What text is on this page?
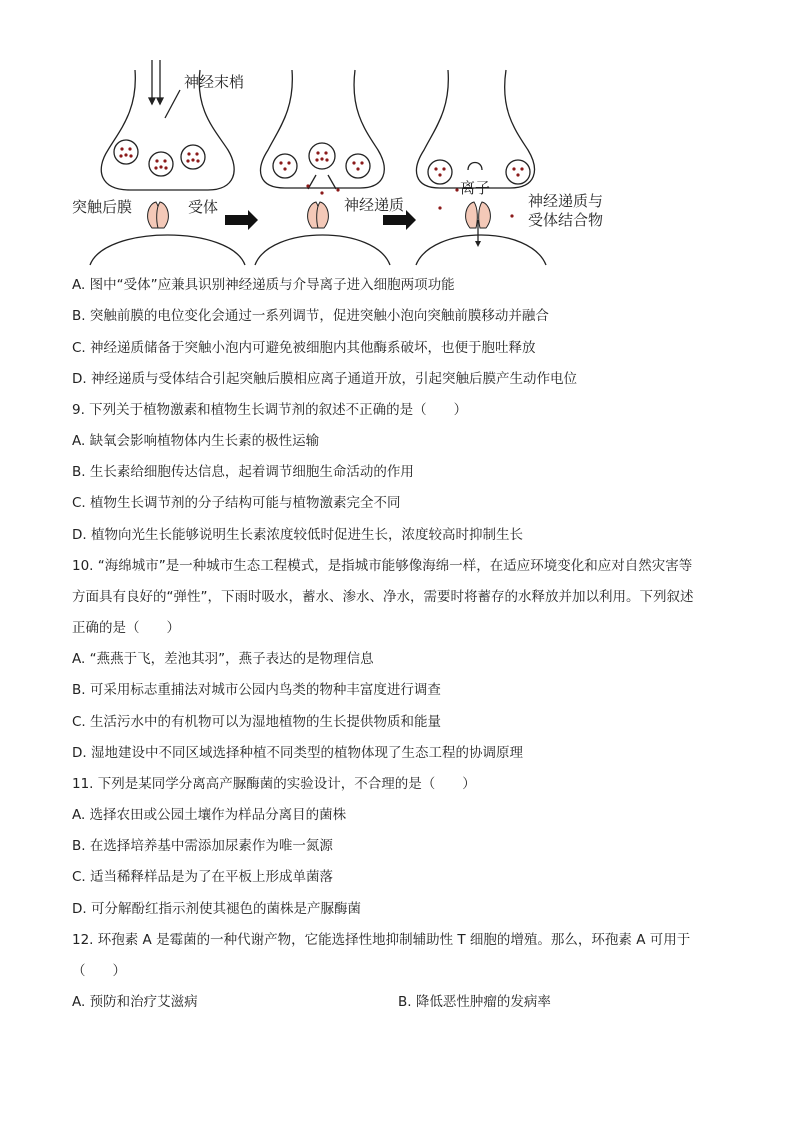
神经末梢
突触后膜	受体	神经递质
离子
神经递质与
受体结合物
A. 图中“受体”应兼具识别神经递质与介导离子进入细胞两项功能
B. 突触前膜的电位变化会通过一系列调节，促进突触小泡向突触前膜移动并融合
C. 神经递质储备于突触小泡内可避免被细胞内其他酶系破坏，也便于胞吐释放
D. 神经递质与受体结合引起突触后膜相应离子通道开放，引起突触后膜产生动作电位
9. 下列关于植物激素和植物生长调节剂的叙述不正确的是（　　）
A. 缺氧会影响植物体内生长素的极性运输
B. 生长素给细胞传达信息，起着调节细胞生命活动的作用
C. 植物生长调节剂的分子结构可能与植物激素完全不同
D. 植物向光生长能够说明生长素浓度较低时促进生长，浓度较高时抑制生长
10. “海绵城市”是一种城市生态工程模式，是指城市能够像海绵一样，在适应环境变化和应对自然灾害等
方面具有良好的“弹性”，下雨时吸水，蓄水、渗水、净水，需要时将蓄存的水释放并加以利用。下列叙述
正确的是（　　）
A. “燕燕于飞，差池其羽”，燕子表达的是物理信息
B. 可采用标志重捕法对城市公园内鸟类的物种丰富度进行调查
C. 生活污水中的有机物可以为湿地植物的生长提供物质和能量
D. 湿地建设中不同区域选择种植不同类型的植物体现了生态工程的协调原理
11. 下列是某同学分离高产脲酶菌的实验设计，不合理的是（　　）
A. 选择农田或公园土壤作为样品分离目的菌株
B. 在选择培养基中需添加尿素作为唯一氮源
C. 适当稀释样品是为了在平板上形成单菌落
D. 可分解酚红指示剂使其褪色的菌株是产脲酶菌
12. 环孢素 A 是霉菌的一种代谢产物，它能选择性地抑制辅助性 T 细胞的增殖。那么，环孢素 A 可用于
（　　）
A. 预防和治疗艾滋病	B. 降低恶性肿瘤的发病率
